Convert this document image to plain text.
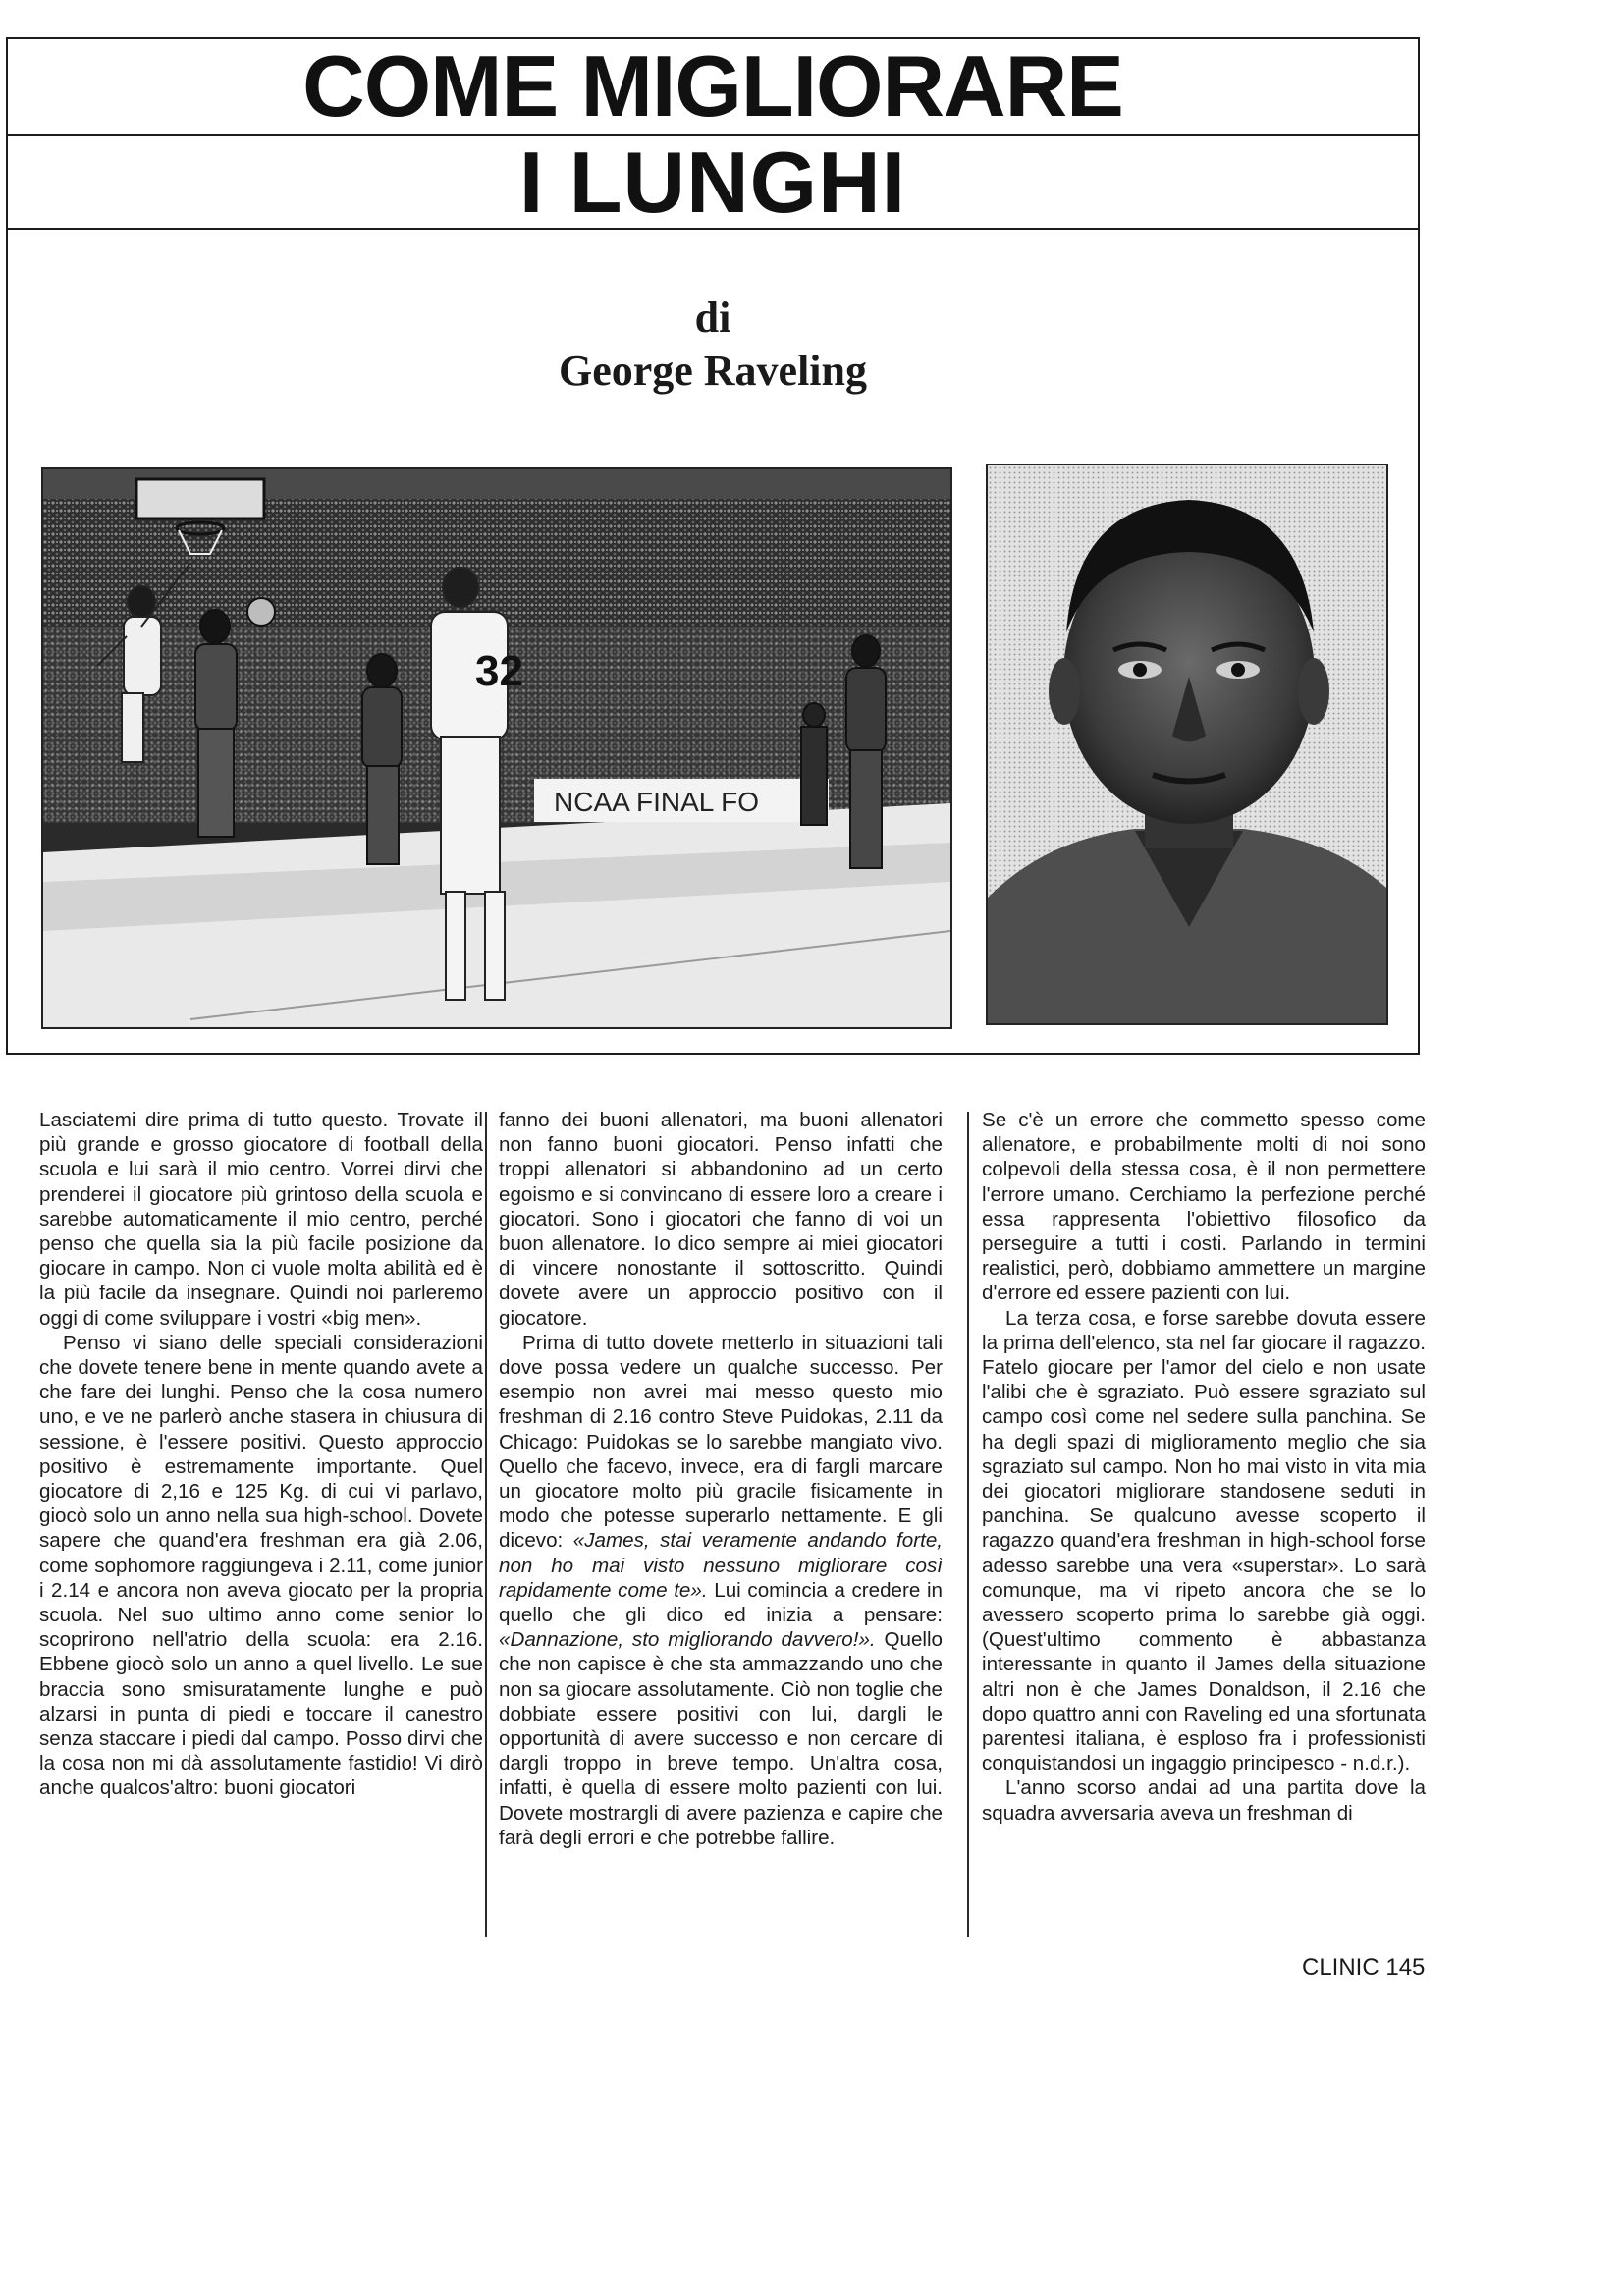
COME MIGLIORARE
I LUNGHI
di
George Raveling
NCAA FINAL FO
32

Lasciatemi dire prima di tutto questo. Trovate il più grande e grosso giocatore di football della scuola e lui sarà il mio centro. Vorrei dirvi che prenderei il giocatore più grintoso della scuola e sarebbe automaticamente il mio centro, perché penso che quella sia la più facile posizione da giocare in campo. Non ci vuole molta abilità ed è la più facile da insegnare. Quindi noi parleremo oggi di come sviluppare i vostri «big men».

Penso vi siano delle speciali considerazioni che dovete tenere bene in mente quando avete a che fare dei lunghi. Penso che la cosa numero uno, e ve ne parlerò anche stasera in chiusura di sessione, è l'essere positivi. Questo approccio positivo è estremamente importante. Quel giocatore di 2,16 e 125 Kg. di cui vi parlavo, giocò solo un anno nella sua high-school. Dovete sapere che quand'era freshman era già 2.06, come sophomore raggiungeva i 2.11, come junior i 2.14 e ancora non aveva giocato per la propria scuola. Nel suo ultimo anno come senior lo scoprirono nell'atrio della scuola: era 2.16. Ebbene giocò solo un anno a quel livello. Le sue braccia sono smisuratamente lunghe e può alzarsi in punta di piedi e toccare il canestro senza staccare i piedi dal campo. Posso dirvi che la cosa non mi dà assolutamente fastidio! Vi dirò anche qualcos'altro: buoni giocatori

fanno dei buoni allenatori, ma buoni allenatori non fanno buoni giocatori. Penso infatti che troppi allenatori si abbandonino ad un certo egoismo e si convincano di essere loro a creare i giocatori. Sono i giocatori che fanno di voi un buon allenatore. Io dico sempre ai miei giocatori di vincere nonostante il sottoscritto. Quindi dovete avere un approccio positivo con il giocatore.

Prima di tutto dovete metterlo in situazioni tali dove possa vedere un qualche successo. Per esempio non avrei mai messo questo mio freshman di 2.16 contro Steve Puidokas, 2.11 da Chicago: Puidokas se lo sarebbe mangiato vivo. Quello che facevo, invece, era di fargli marcare un giocatore molto più gracile fisicamente in modo che potesse superarlo nettamente. E gli dicevo: «James, stai veramente andando forte, non ho mai visto nessuno migliorare così rapidamente come te». Lui comincia a credere in quello che gli dico ed inizia a pensare: «Dannazione, sto migliorando davvero!». Quello che non capisce è che sta ammazzando uno che non sa giocare assolutamente. Ciò non toglie che dobbiate essere positivi con lui, dargli le opportunità di avere successo e non cercare di dargli troppo in breve tempo. Un'altra cosa, infatti, è quella di essere molto pazienti con lui. Dovete mostrargli di avere pazienza e capire che farà degli errori e che potrebbe fallire.

Se c'è un errore che commetto spesso come allenatore, e probabilmente molti di noi sono colpevoli della stessa cosa, è il non permettere l'errore umano. Cerchiamo la perfezione perché essa rappresenta l'obiettivo filosofico da perseguire a tutti i costi. Parlando in termini realistici, però, dobbiamo ammettere un margine d'errore ed essere pazienti con lui.

La terza cosa, e forse sarebbe dovuta essere la prima dell'elenco, sta nel far giocare il ragazzo. Fatelo giocare per l'amor del cielo e non usate l'alibi che è sgraziato. Può essere sgraziato sul campo così come nel sedere sulla panchina. Se ha degli spazi di miglioramento meglio che sia sgraziato sul campo. Non ho mai visto in vita mia dei giocatori migliorare standosene seduti in panchina. Se qualcuno avesse scoperto il ragazzo quand'era freshman in high-school forse adesso sarebbe una vera «superstar». Lo sarà comunque, ma vi ripeto ancora che se lo avessero scoperto prima lo sarebbe già oggi. (Quest'ultimo commento è abbastanza interessante in quanto il James della situazione altri non è che James Donaldson, il 2.16 che dopo quattro anni con Raveling ed una sfortunata parentesi italiana, è esploso fra i professionisti conquistandosi un ingaggio principesco - n.d.r.).

L'anno scorso andai ad una partita dove la squadra avversaria aveva un freshman di

CLINIC 145
